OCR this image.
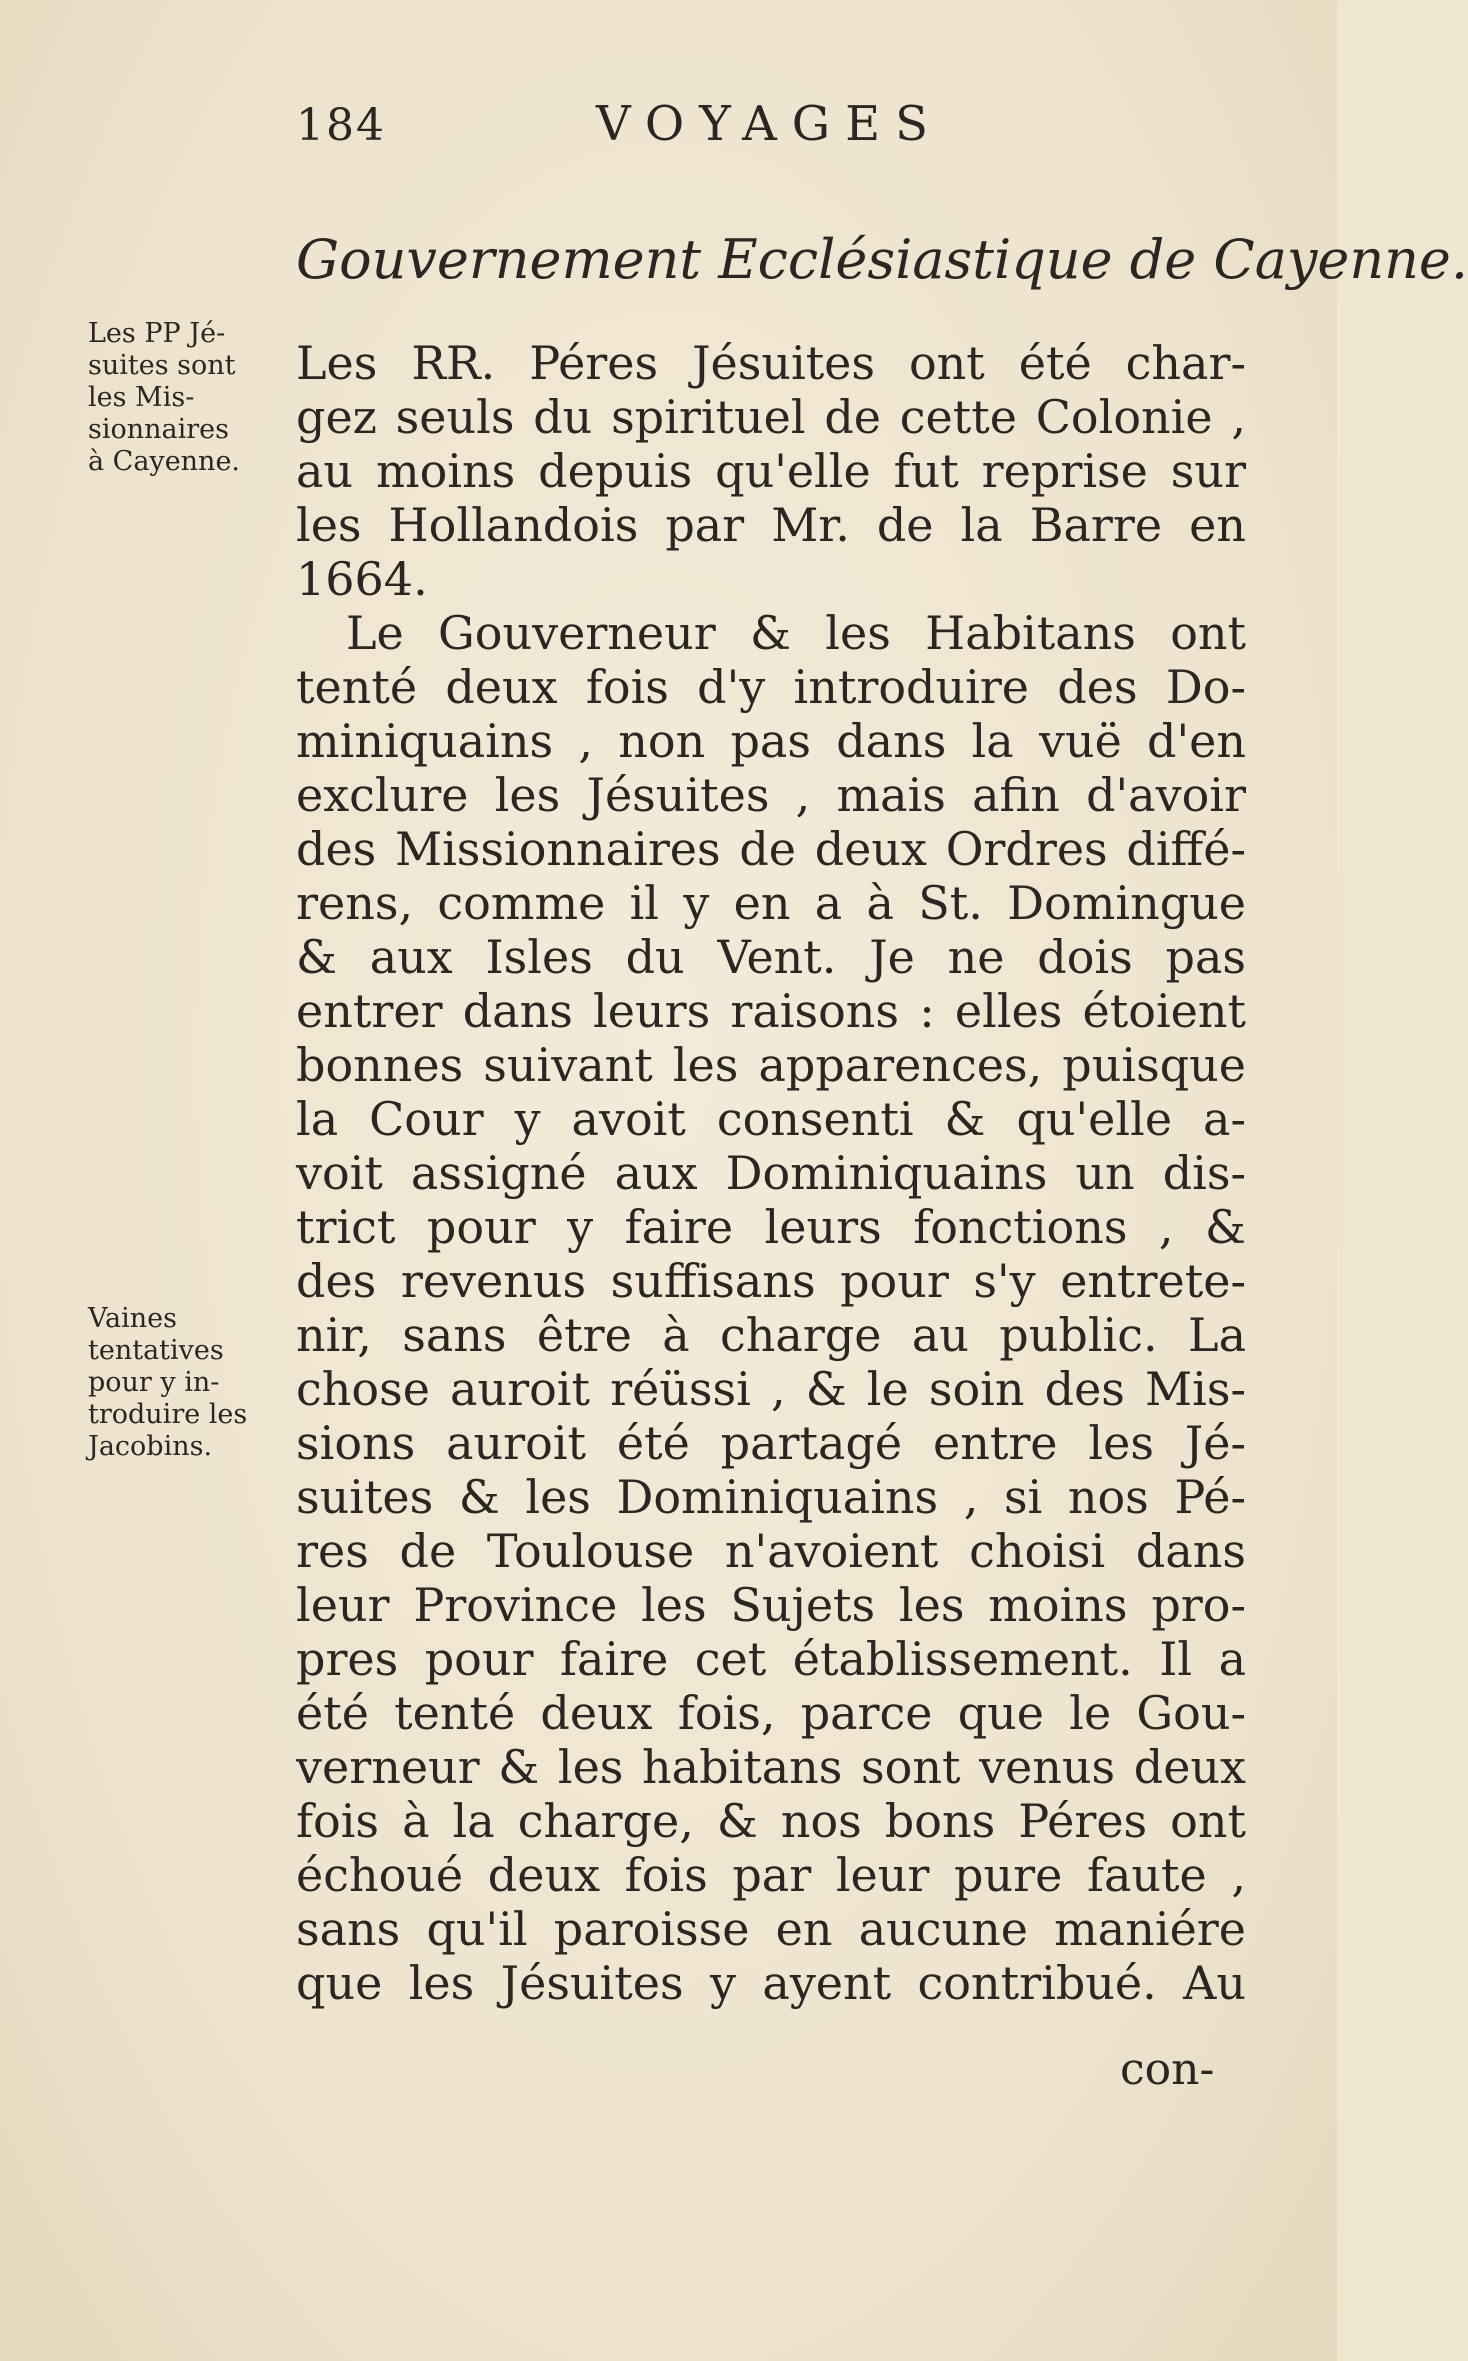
184	VOYAGES
Gouvernement Ecclésiastique de Cayenne.
Les PP Jé-
suites sont
les Mis-
sionnaires
à Cayenne.
Vaines
tentatives
pour y in-
troduire les
Jacobins.
Les RR. Péres Jésuites ont été char-
gez seuls du spirituel de cette Colonie ,
au moins depuis qu'elle fut reprise sur
les Hollandois par Mr. de la Barre en
1664.
Le Gouverneur & les Habitans ont
tenté deux fois d'y introduire des Do-
miniquains , non pas dans la vuë d'en
exclure les Jésuites , mais afin d'avoir
des Missionnaires de deux Ordres diffé-
rens, comme il y en a à St. Domingue
& aux Isles du Vent. Je ne dois pas
entrer dans leurs raisons : elles étoient
bonnes suivant les apparences, puisque
la Cour y avoit consenti & qu'elle a-
voit assigné aux Dominiquains un dis-
trict pour y faire leurs fonctions , &
des revenus suffisans pour s'y entrete-
nir, sans être à charge au public. La
chose auroit réüssi , & le soin des Mis-
sions auroit été partagé entre les Jé-
suites & les Dominiquains , si nos Pé-
res de Toulouse n'avoient choisi dans
leur Province les Sujets les moins pro-
pres pour faire cet établissement. Il a
été tenté deux fois, parce que le Gou-
verneur & les habitans sont venus deux
fois à la charge, & nos bons Péres ont
échoué deux fois par leur pure faute ,
sans qu'il paroisse en aucune maniére
que les Jésuites y ayent contribué. Au
con-
